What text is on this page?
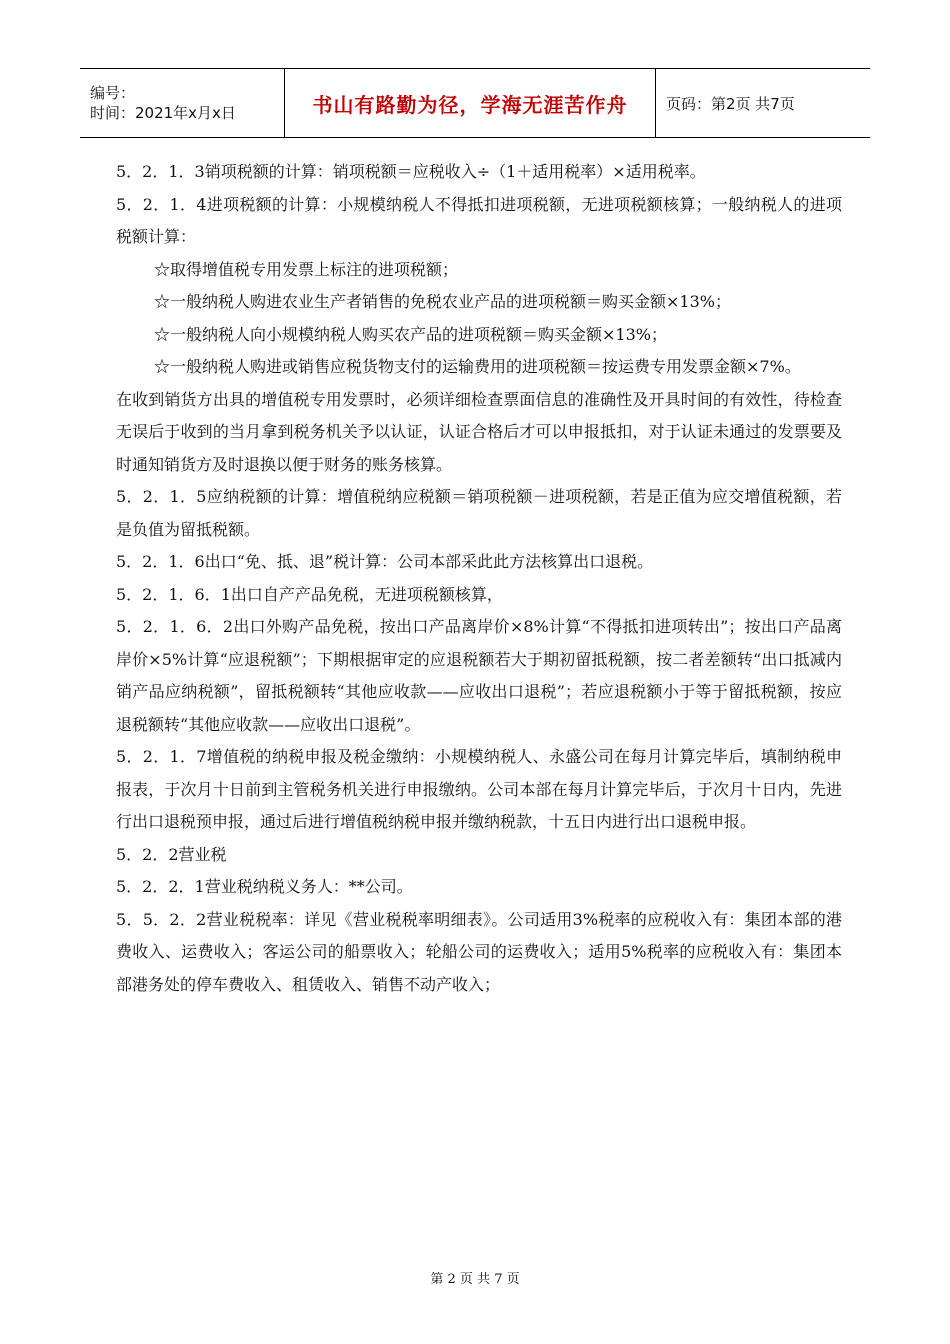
编号：
时间：2021年x月x日	书山有路勤为径，学海无涯苦作舟	页码：第2页 共7页

5．2．1．3销项税额的计算：销项税额＝应税收入÷（1＋适用税率）×适用税率。

5．2．1．4进项税额的计算：小规模纳税人不得抵扣进项税额，无进项税额核算；一般纳税人的进项税额计算：

☆取得增值税专用发票上标注的进项税额；

☆一般纳税人购进农业生产者销售的免税农业产品的进项税额＝购买金额×13%；

☆一般纳税人向小规模纳税人购买农产品的进项税额＝购买金额×13%；

☆一般纳税人购进或销售应税货物支付的运输费用的进项税额＝按运费专用发票金额×7%。

在收到销货方出具的增值税专用发票时，必须详细检查票面信息的准确性及开具时间的有效性，待检查无误后于收到的当月拿到税务机关予以认证，认证合格后才可以申报抵扣，对于认证未通过的发票要及时通知销货方及时退换以便于财务的账务核算。

5．2．1．5应纳税额的计算：增值税纳应税额＝销项税额－进项税额，若是正值为应交增值税额，若是负值为留抵税额。

5．2．1．6出口“免、抵、退”税计算：公司本部采此此方法核算出口退税。

5．2．1．6．1出口自产产品免税，无进项税额核算，

5．2．1．6．2出口外购产品免税，按出口产品离岸价×8%计算“不得抵扣进项转出”；按出口产品离岸价×5%计算“应退税额”；下期根据审定的应退税额若大于期初留抵税额，按二者差额转“出口抵减内销产品应纳税额”，留抵税额转“其他应收款——应收出口退税”；若应退税额小于等于留抵税额，按应退税额转“其他应收款——应收出口退税”。

5．2．1．7增值税的纳税申报及税金缴纳：小规模纳税人、永盛公司在每月计算完毕后，填制纳税申报表，于次月十日前到主管税务机关进行申报缴纳。公司本部在每月计算完毕后，于次月十日内，先进行出口退税预申报，通过后进行增值税纳税申报并缴纳税款，十五日内进行出口退税申报。

5．2．2营业税

5．2．2．1营业税纳税义务人：**公司。

5．5．2．2营业税税率：详见《营业税税率明细表》。公司适用3%税率的应税收入有：集团本部的港费收入、运费收入；客运公司的船票收入；轮船公司的运费收入；适用5%税率的应税收入有：集团本部港务处的停车费收入、租赁收入、销售不动产收入；

第 2 页 共 7 页
